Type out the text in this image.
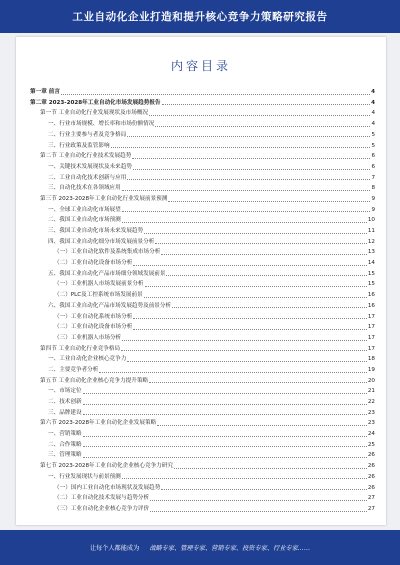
工业自动化企业打造和提升核心竞争力策略研究报告
内容目录
第一章 前言	4
第二章 2023-2028年工业自动化市场发展趋势报告	4
第一节 工业自动化行业发展现状及市场概况	4
一、行业市场规模、增长率和市场份额情况	4
二、行业主要参与者及竞争格局	5
三、行业政策及监管影响	5
第二节 工业自动化行业技术发展趋势	6
一、关键技术发展现状及未来趋势	6
二、工业自动化技术创新与应用	7
三、自动化技术在各领域应用	8
第三节 2023-2028年工业自动化行业发展前景预测	9
一、全球工业自动化市场展望	9
二、我国工业自动化市场预测	10
三、我国工业自动化市场未来发展趋势	11
四、我国工业自动化细分市场发展前景分析	12
（一）工业自动化软件及系统集成市场分析	13
（二）工业自动化设备市场分析	14
五、我国工业自动化产品市场细分领域发展前景	15
（一）工业机器人市场发展前景分析	15
（二）PLC及工控系统市场发展前景	16
六、我国工业自动化产品市场发展趋势及前景分析	16
（一）工业自动化系统市场分析	17
（二）工业自动化设备市场分析	17
（三）工业机器人市场分析	17
第四节 工业自动化行业竞争格局	17
一、工业自动化企业核心竞争力	18
二、主要竞争者分析	19
第五节 工业自动化企业核心竞争力提升策略	20
一、市场定位	21
二、技术创新	22
三、品牌建设	23
第六节 2023-2028年工业自动化企业发展策略	23
一、营销策略	24
二、合作策略	25
三、管理策略	26
第七节 2023-2028年工业自动化企业核心竞争力研究	26
一、行业发展现状与前景预测	26
（一）国内工业自动化市场现状及发展趋势	26
（二）工业自动化技术发展与趋势分析	27
（三）工业自动化企业核心竞争力评价	27
让每个人都能成为 战略专家、管理专家、营销专家、投资专家、行业专家……
